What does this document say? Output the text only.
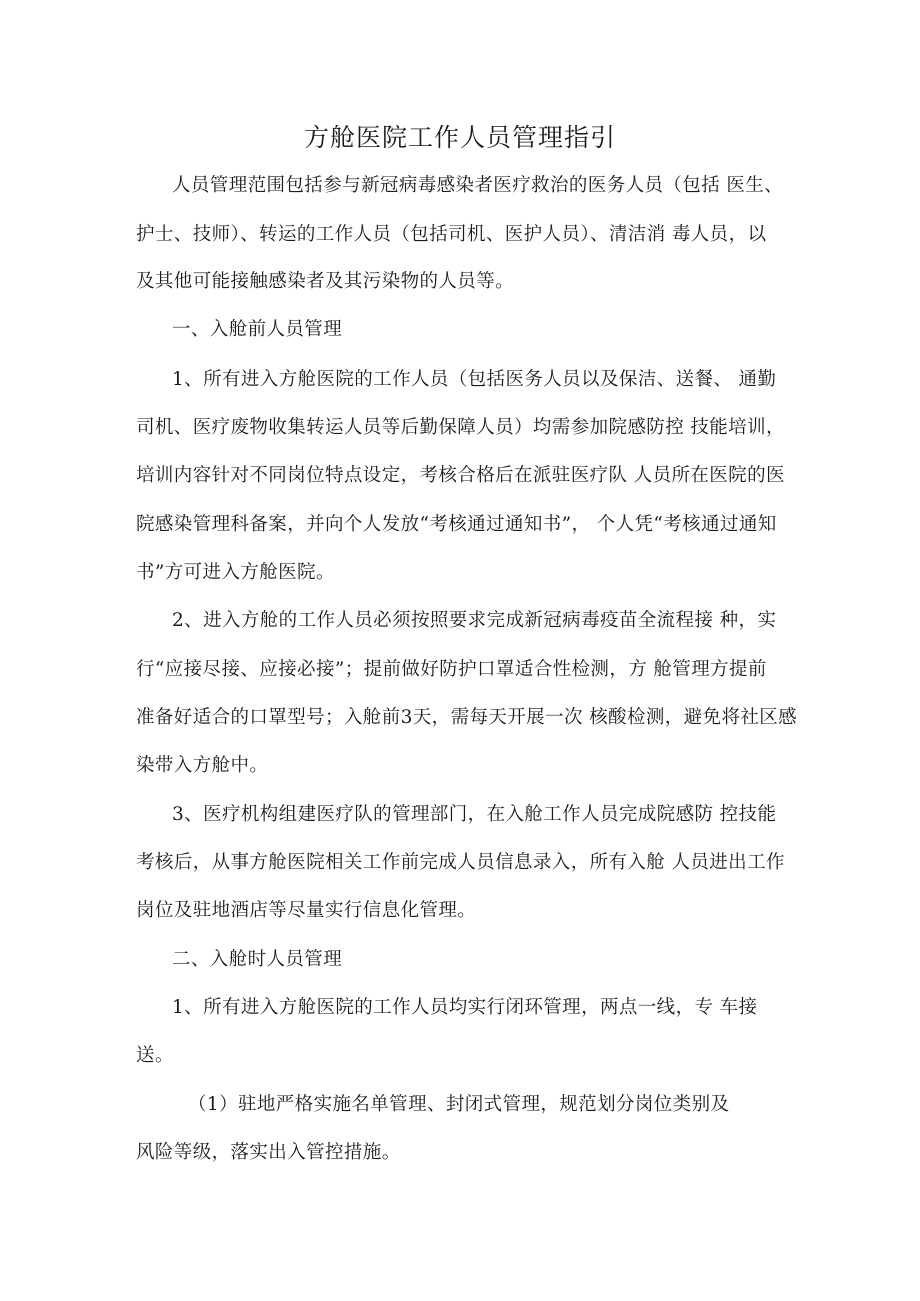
方舱医院工作人员管理指引

人员管理范围包括参与新冠病毒感染者医疗救治的医务人员（包括 医生、

护士、技师）、转运的工作人员（包括司机、医护人员）、清洁消 毒人员，以

及其他可能接触感染者及其污染物的人员等。

一、入舱前人员管理

1、所有进入方舱医院的工作人员（包括医务人员以及保洁、送餐、 通勤

司机、医疗废物收集转运人员等后勤保障人员）均需参加院感防控 技能培训，

培训内容针对不同岗位特点设定，考核合格后在派驻医疗队 人员所在医院的医

院感染管理科备案，并向个人发放“考核通过通知书”， 个人凭“考核通过通知

书”方可进入方舱医院。

2、进入方舱的工作人员必须按照要求完成新冠病毒疫苗全流程接 种，实

行“应接尽接、应接必接”；提前做好防护口罩适合性检测，方 舱管理方提前

准备好适合的口罩型号；入舱前3天，需每天开展一次 核酸检测，避免将社区感

染带入方舱中。

3、医疗机构组建医疗队的管理部门，在入舱工作人员完成院感防 控技能

考核后，从事方舱医院相关工作前完成人员信息录入，所有入舱 人员进出工作

岗位及驻地酒店等尽量实行信息化管理。

二、入舱时人员管理

1、所有进入方舱医院的工作人员均实行闭环管理，两点一线，专 车接

送。

（1）驻地严格实施名单管理、封闭式管理，规范划分岗位类别及

风险等级，落实出入管控措施。
